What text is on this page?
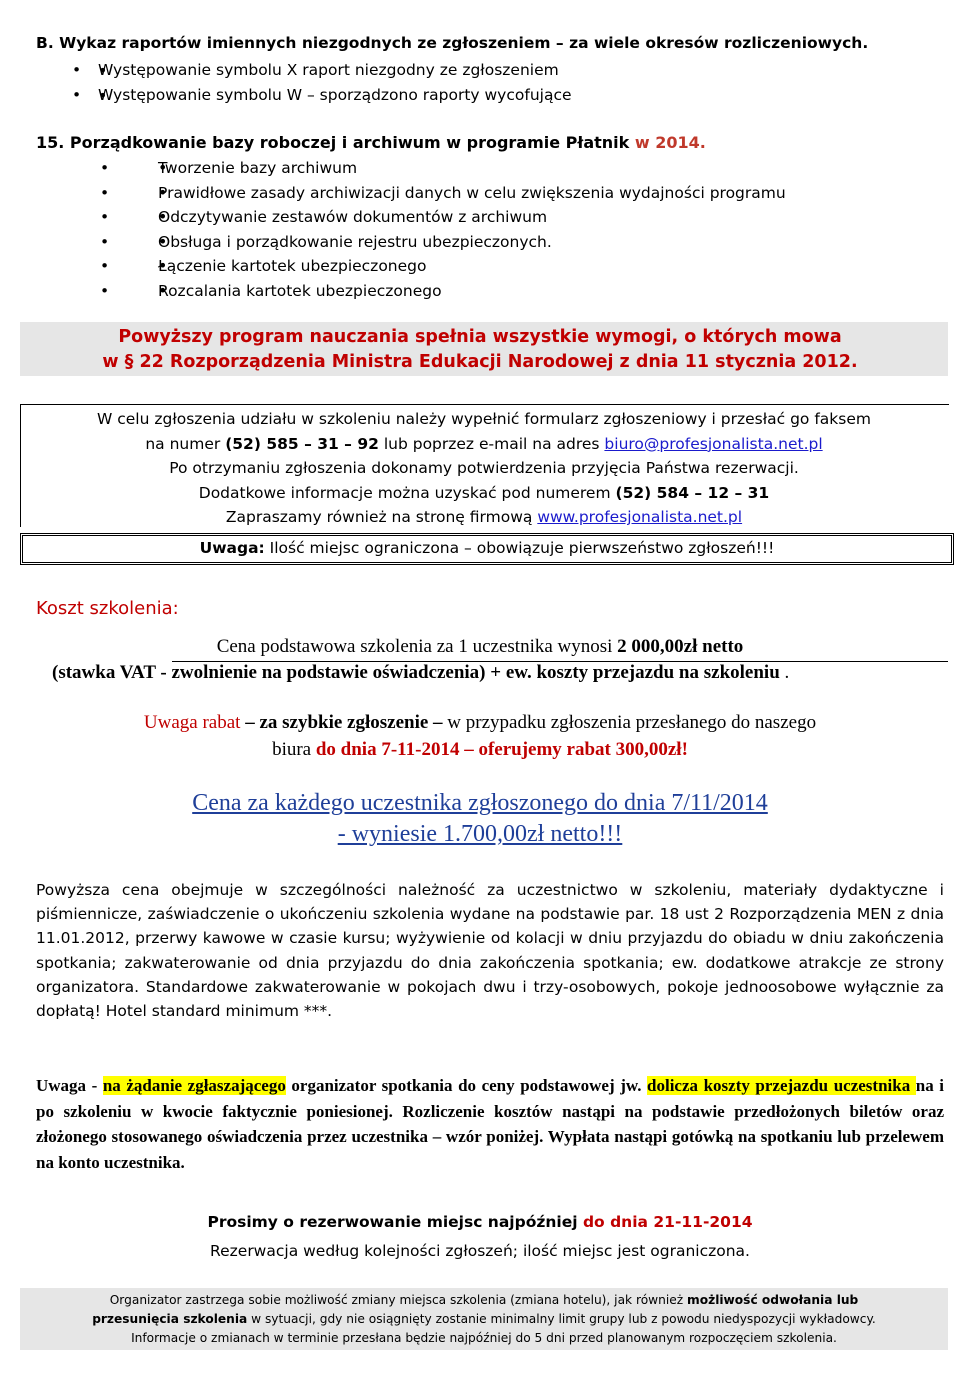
B. Wykaz raportów imiennych niezgodnych ze zgłoszeniem – za wiele okresów rozliczeniowych.
• • Występowanie symbolu X raport niezgodny ze zgłoszeniem
• • Występowanie symbolu W – sporządzono raporty wycofujące
15. Porządkowanie bazy roboczej i archiwum w programie Płatnik w 2014.
• •	Tworzenie bazy archiwum
• •	Prawidłowe zasady archiwizacji danych w celu zwiększenia wydajności programu
• •	Odczytywanie zestawów dokumentów z archiwum
• •	Obsługa i porządkowanie rejestru ubezpieczonych.
• •	Łączenie kartotek ubezpieczonego
• •	Rozcalania kartotek ubezpieczonego
Powyższy program nauczania spełnia wszystkie wymogi, o których mowa
w § 22 Rozporządzenia Ministra Edukacji Narodowej z dnia 11 stycznia 2012.
W celu zgłoszenia udziału w szkoleniu należy wypełnić formularz zgłoszeniowy i przesłać go faksem
na numer (52) 585 – 31 – 92 lub poprzez e-mail na adres biuro@profesjonalista.net.pl
Po otrzymaniu zgłoszenia dokonamy potwierdzenia przyjęcia Państwa rezerwacji.
Dodatkowe informacje można uzyskać pod numerem (52) 584 – 12 – 31
Zapraszamy również na stronę firmową www.profesjonalista.net.pl
Uwaga: Ilość miejsc ograniczona – obowiązuje pierwszeństwo zgłoszeń!!!
Koszt szkolenia:
Cena podstawowa szkolenia za 1 uczestnika wynosi 2 000,00zł netto
(stawka VAT - zwolnienie na podstawie oświadczenia) + ew. koszty przejazdu na szkoleniu .
Uwaga rabat – za szybkie zgłoszenie – w przypadku zgłoszenia przesłanego do naszego
biura do dnia 7-11-2014 – oferujemy rabat 300,00zł!
Cena za każdego uczestnika zgłoszonego do dnia 7/11/2014
- wyniesie 1.700,00zł netto!!!
Powyższa cena obejmuje w szczególności należność za uczestnictwo w szkoleniu, materiały dydaktyczne i piśmiennicze, zaświadczenie o ukończeniu szkolenia wydane na podstawie par. 18 ust 2 Rozporządzenia MEN z dnia 11.01.2012, przerwy kawowe w czasie kursu; wyżywienie od kolacji w dniu przyjazdu do obiadu w dniu zakończenia spotkania; zakwaterowanie od dnia przyjazdu do dnia zakończenia spotkania; ew. dodatkowe atrakcje ze strony organizatora. Standardowe zakwaterowanie w pokojach dwu i trzy-osobowych, pokoje jednoosobowe wyłącznie za dopłatą! Hotel standard minimum ***.
Uwaga - na żądanie zgłaszającego organizator spotkania do ceny podstawowej jw. dolicza koszty przejazdu uczestnika na i po szkoleniu w kwocie faktycznie poniesionej. Rozliczenie kosztów nastąpi na podstawie przedłożonych biletów oraz złożonego stosowanego oświadczenia przez uczestnika – wzór poniżej. Wypłata nastąpi gotówką na spotkaniu lub przelewem na konto uczestnika.
Prosimy o rezerwowanie miejsc najpóźniej do dnia 21-11-2014
Rezerwacja według kolejności zgłoszeń; ilość miejsc jest ograniczona.
Organizator zastrzega sobie możliwość zmiany miejsca szkolenia (zmiana hotelu), jak również możliwość odwołania lub
przesunięcia szkolenia w sytuacji, gdy nie osiągnięty zostanie minimalny limit grupy lub z powodu niedyspozycji wykładowcy.
Informacje o zmianach w terminie przesłana będzie najpóźniej do 5 dni przed planowanym rozpoczęciem szkolenia.
